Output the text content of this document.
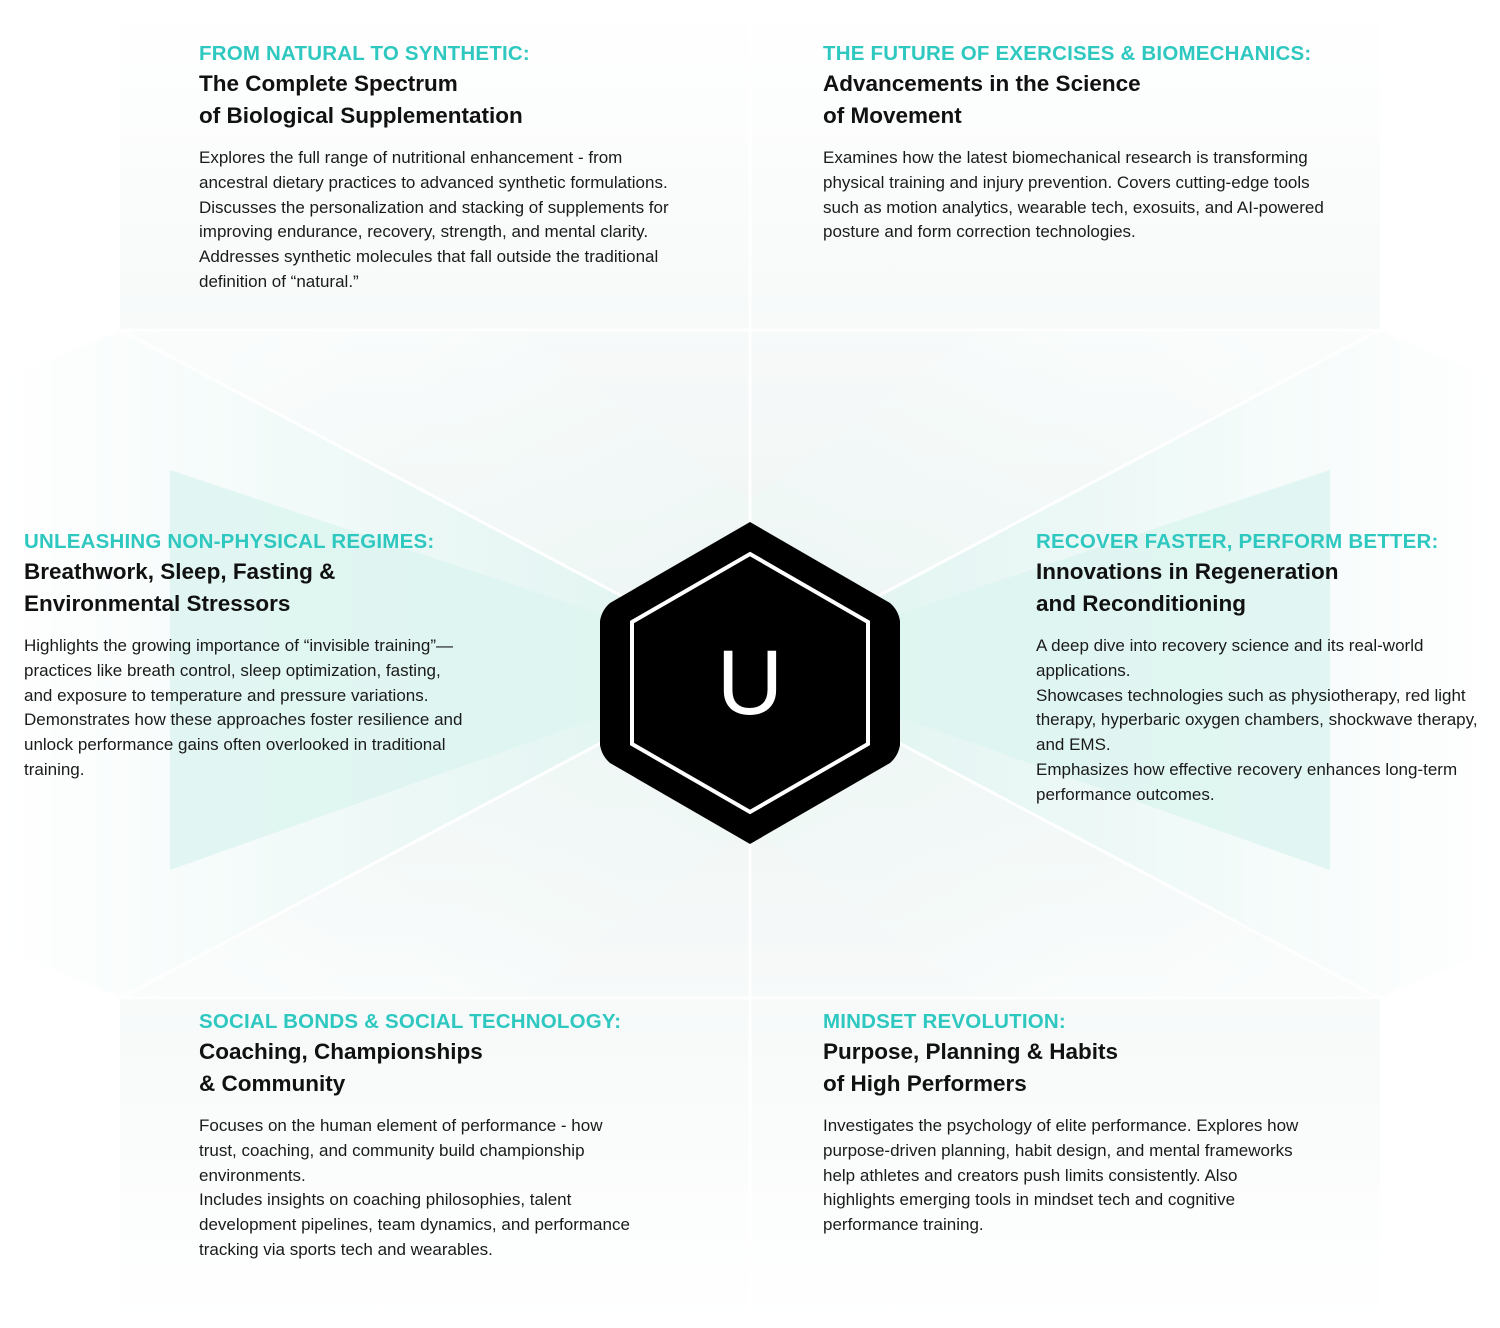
U
FROM NATURAL TO SYNTHETIC:
The Complete Spectrum
of Biological Supplementation
Explores the full range of nutritional enhancement - from ancestral dietary practices to advanced synthetic formulations.
Discusses the personalization and stacking of supplements for improving endurance, recovery, strength, and mental clarity.
Addresses synthetic molecules that fall outside the traditional definition of “natural.”
THE FUTURE OF EXERCISES & BIOMECHANICS:
Advancements in the Science
of Movement
Examines how the latest biomechanical research is transforming physical training and injury prevention. Covers cutting-edge tools such as motion analytics, wearable tech, exosuits, and AI-powered posture and form correction technologies.
UNLEASHING NON-PHYSICAL REGIMES:
Breathwork, Sleep, Fasting &
Environmental Stressors
Highlights the growing importance of “invisible training”—practices like breath control, sleep optimization, fasting, and exposure to temperature and pressure variations.
Demonstrates how these approaches foster resilience and unlock performance gains often overlooked in traditional training.
RECOVER FASTER, PERFORM BETTER:
Innovations in Regeneration
and Reconditioning
A deep dive into recovery science and its real-world applications.
Showcases technologies such as physiotherapy, red light therapy, hyperbaric oxygen chambers, shockwave therapy, and EMS.
Emphasizes how effective recovery enhances long-term performance outcomes.
SOCIAL BONDS & SOCIAL TECHNOLOGY:
Coaching, Championships
& Community
Focuses on the human element of performance - how trust, coaching, and community build championship environments.
Includes insights on coaching philosophies, talent development pipelines, team dynamics, and performance tracking via sports tech and wearables.
MINDSET REVOLUTION:
Purpose, Planning & Habits
of High Performers
Investigates the psychology of elite performance. Explores how purpose-driven planning, habit design, and mental frameworks help athletes and creators push limits consistently. Also highlights emerging tools in mindset tech and cognitive performance training.
